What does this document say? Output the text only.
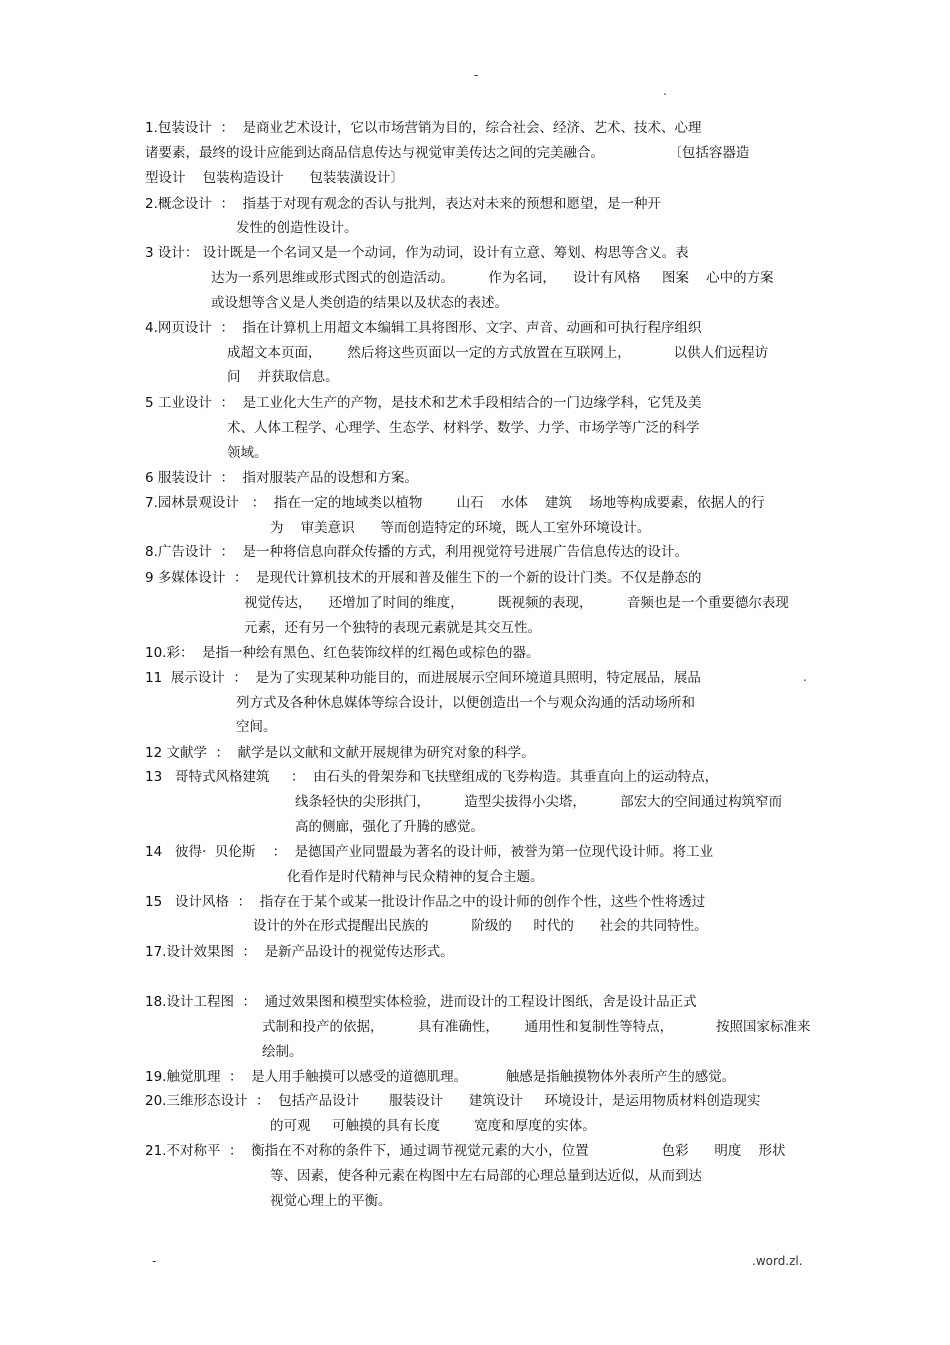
-
.
1.包装设计  ：  是商业艺术设计，它以市场营销为目的，综合社会、经济、艺术、技术、心理
诸要素，最终的设计应能到达商品信息传达与视觉审美传达之间的完美融合。               〔包括容器造
型设计    包装构造设计      包装装潢设计〕
2.概念设计  ：  指基于对现有观念的否认与批判，表达对未来的预想和愿望，是一种开
发性的创造性设计。
3 设计： 设计既是一个名词又是一个动词，作为动词，设计有立意、筹划、构思等含义。表
达为一系列思维或形式图式的创造活动。        作为名词，    设计有风格     图案    心中的方案
或设想等含义是人类创造的结果以及状态的表述。
4.网页设计  ：  指在计算机上用超文本编辑工具将图形、文字、声音、动画和可执行程序组织
成超文本页面，      然后将这些页面以一定的方式放置在互联网上，          以供人们远程访
问    并获取信息。
5 工业设计  ：  是工业化大生产的产物，是技术和艺术手段相结合的一门边缘学科，它凭及美
术、人体工程学、心理学、生态学、材料学、数学、力学、市场学等广泛的科学
领域。
6 服装设计  ：  指对服装产品的设想和方案。
7.园林景观设计   ：  指在一定的地域类以植物        山石    水体    建筑    场地等构成要素，依据人的行
为    审美意识      等而创造特定的环境，既人工室外环境设计。
8.广告设计  ：  是一种将信息向群众传播的方式，利用视觉符号进展广告信息传达的设计。
9 多媒体设计  ：  是现代计算机技术的开展和普及催生下的一个新的设计门类。不仅是静态的
视觉传达，    还增加了时间的维度，        既视频的表现，        音频也是一个重要德尔表现
元素，还有另一个独特的表现元素就是其交互性。
10.彩：  是指一种绘有黑色、红色装饰纹样的红褐色或棕色的器。
11  展示设计  ：  是为了实现某种功能目的，而进展展示空间环境道具照明，特定展品，展品
列方式及各种休息媒体等综合设计，以便创造出一个与观众沟通的活动场所和
空间。
12 文献学  ：  献学是以文献和文献开展规律为研究对象的科学。
13   哥特式风格建筑     ：  由石头的骨架券和飞扶壁组成的飞券构造。其垂直向上的运动特点，
线条轻快的尖形拱门，        造型尖拔得小尖塔，        部宏大的空间通过构筑窄而
高的侧廊，强化了升腾的感觉。
14   彼得·  贝伦斯    ：  是德国产业同盟最为著名的设计师，被誉为第一位现代设计师。将工业
化看作是时代精神与民众精神的复合主题。
15   设计风格  ：  指存在于某个或某一批设计作品之中的设计师的创作个性，这些个性将透过
设计的外在形式提醒出民族的          阶级的     时代的      社会的共同特性。
17.设计效果图  ：  是新产品设计的视觉传达形式。
18.设计工程图  ：  通过效果图和模型实体检验，进而设计的工程设计图纸，舍是设计品正式
式制和投产的依据，        具有准确性，      通用性和复制性等特点，          按照国家标准来
绘制。
19.触觉肌理  ：  是人用手触摸可以感受的道德肌理。         触感是指触摸物体外表所产生的感觉。
20.三维形态设计  ：  包括产品设计       服装设计      建筑设计     环境设计，是运用物质材料创造现实
的可观     可触摸的具有长度        宽度和厚度的实体。
21.不对称平  ：  衡指在不对称的条件下，通过调节视觉元素的大小，位置                 色彩      明度    形状
等、因素，使各种元素在构图中左右局部的心理总量到达近似，从而到达
视觉心理上的平衡。
.
-	.word.zl.
